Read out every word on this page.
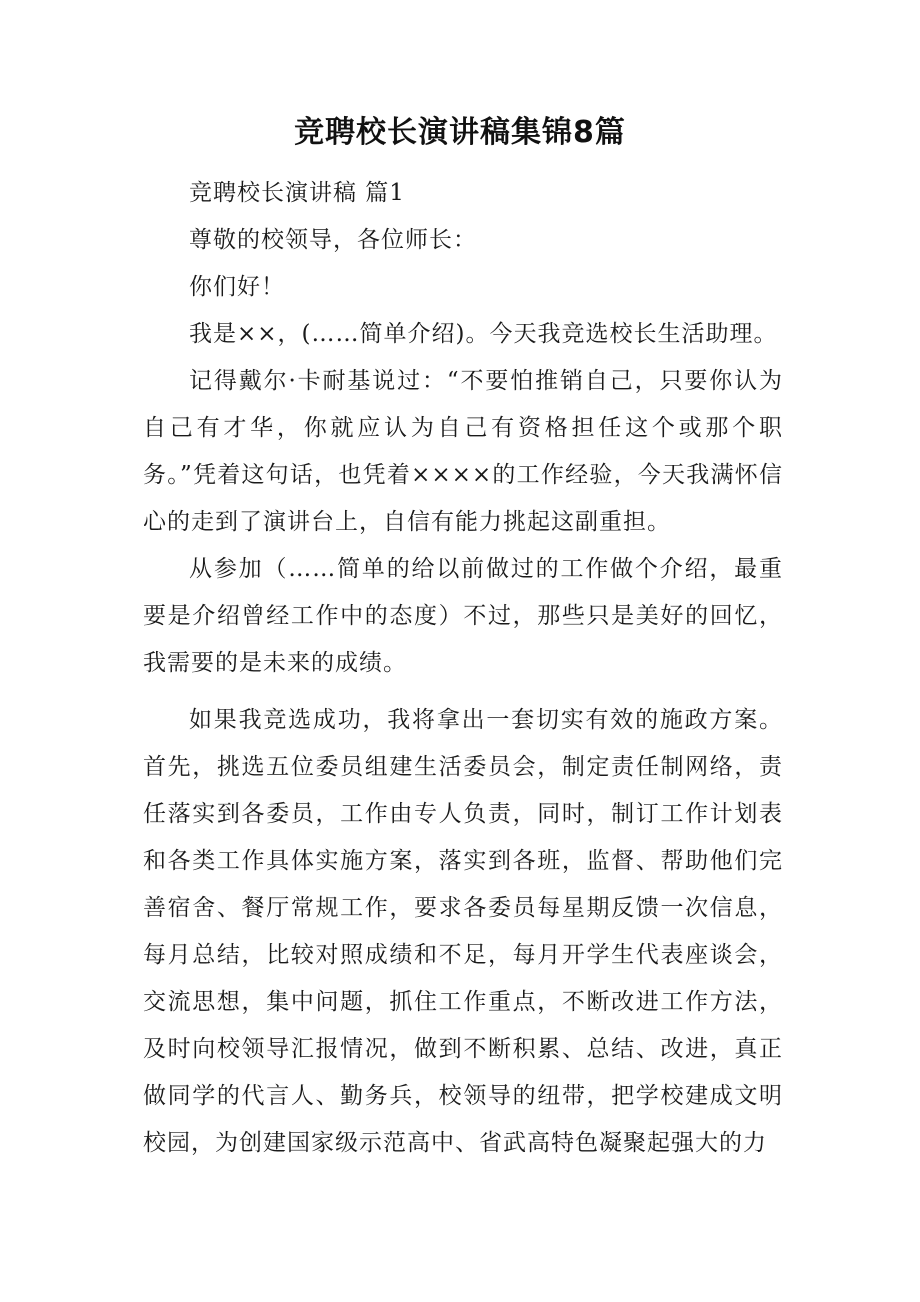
竞聘校长演讲稿集锦8篇

竞聘校长演讲稿 篇1

尊敬的校领导，各位师长：

你们好！

我是××，(……简单介绍)。今天我竞选校长生活助理。

记得戴尔·卡耐基说过：“不要怕推销自己，只要你认为自己有才华，你就应认为自己有资格担任这个或那个职务。”凭着这句话，也凭着××××的工作经验，今天我满怀信心的走到了演讲台上，自信有能力挑起这副重担。

从参加（……简单的给以前做过的工作做个介绍，最重要是介绍曾经工作中的态度）不过，那些只是美好的回忆，我需要的是未来的成绩。

如果我竞选成功，我将拿出一套切实有效的施政方案。首先，挑选五位委员组建生活委员会，制定责任制网络，责任落实到各委员，工作由专人负责，同时，制订工作计划表和各类工作具体实施方案，落实到各班，监督、帮助他们完善宿舍、餐厅常规工作，要求各委员每星期反馈一次信息，每月总结，比较对照成绩和不足，每月开学生代表座谈会，交流思想，集中问题，抓住工作重点，不断改进工作方法，及时向校领导汇报情况，做到不断积累、总结、改进，真正做同学的代言人、勤务兵，校领导的纽带，把学校建成文明校园，为创建国家级示范高中、省武高特色凝聚起强大的力
